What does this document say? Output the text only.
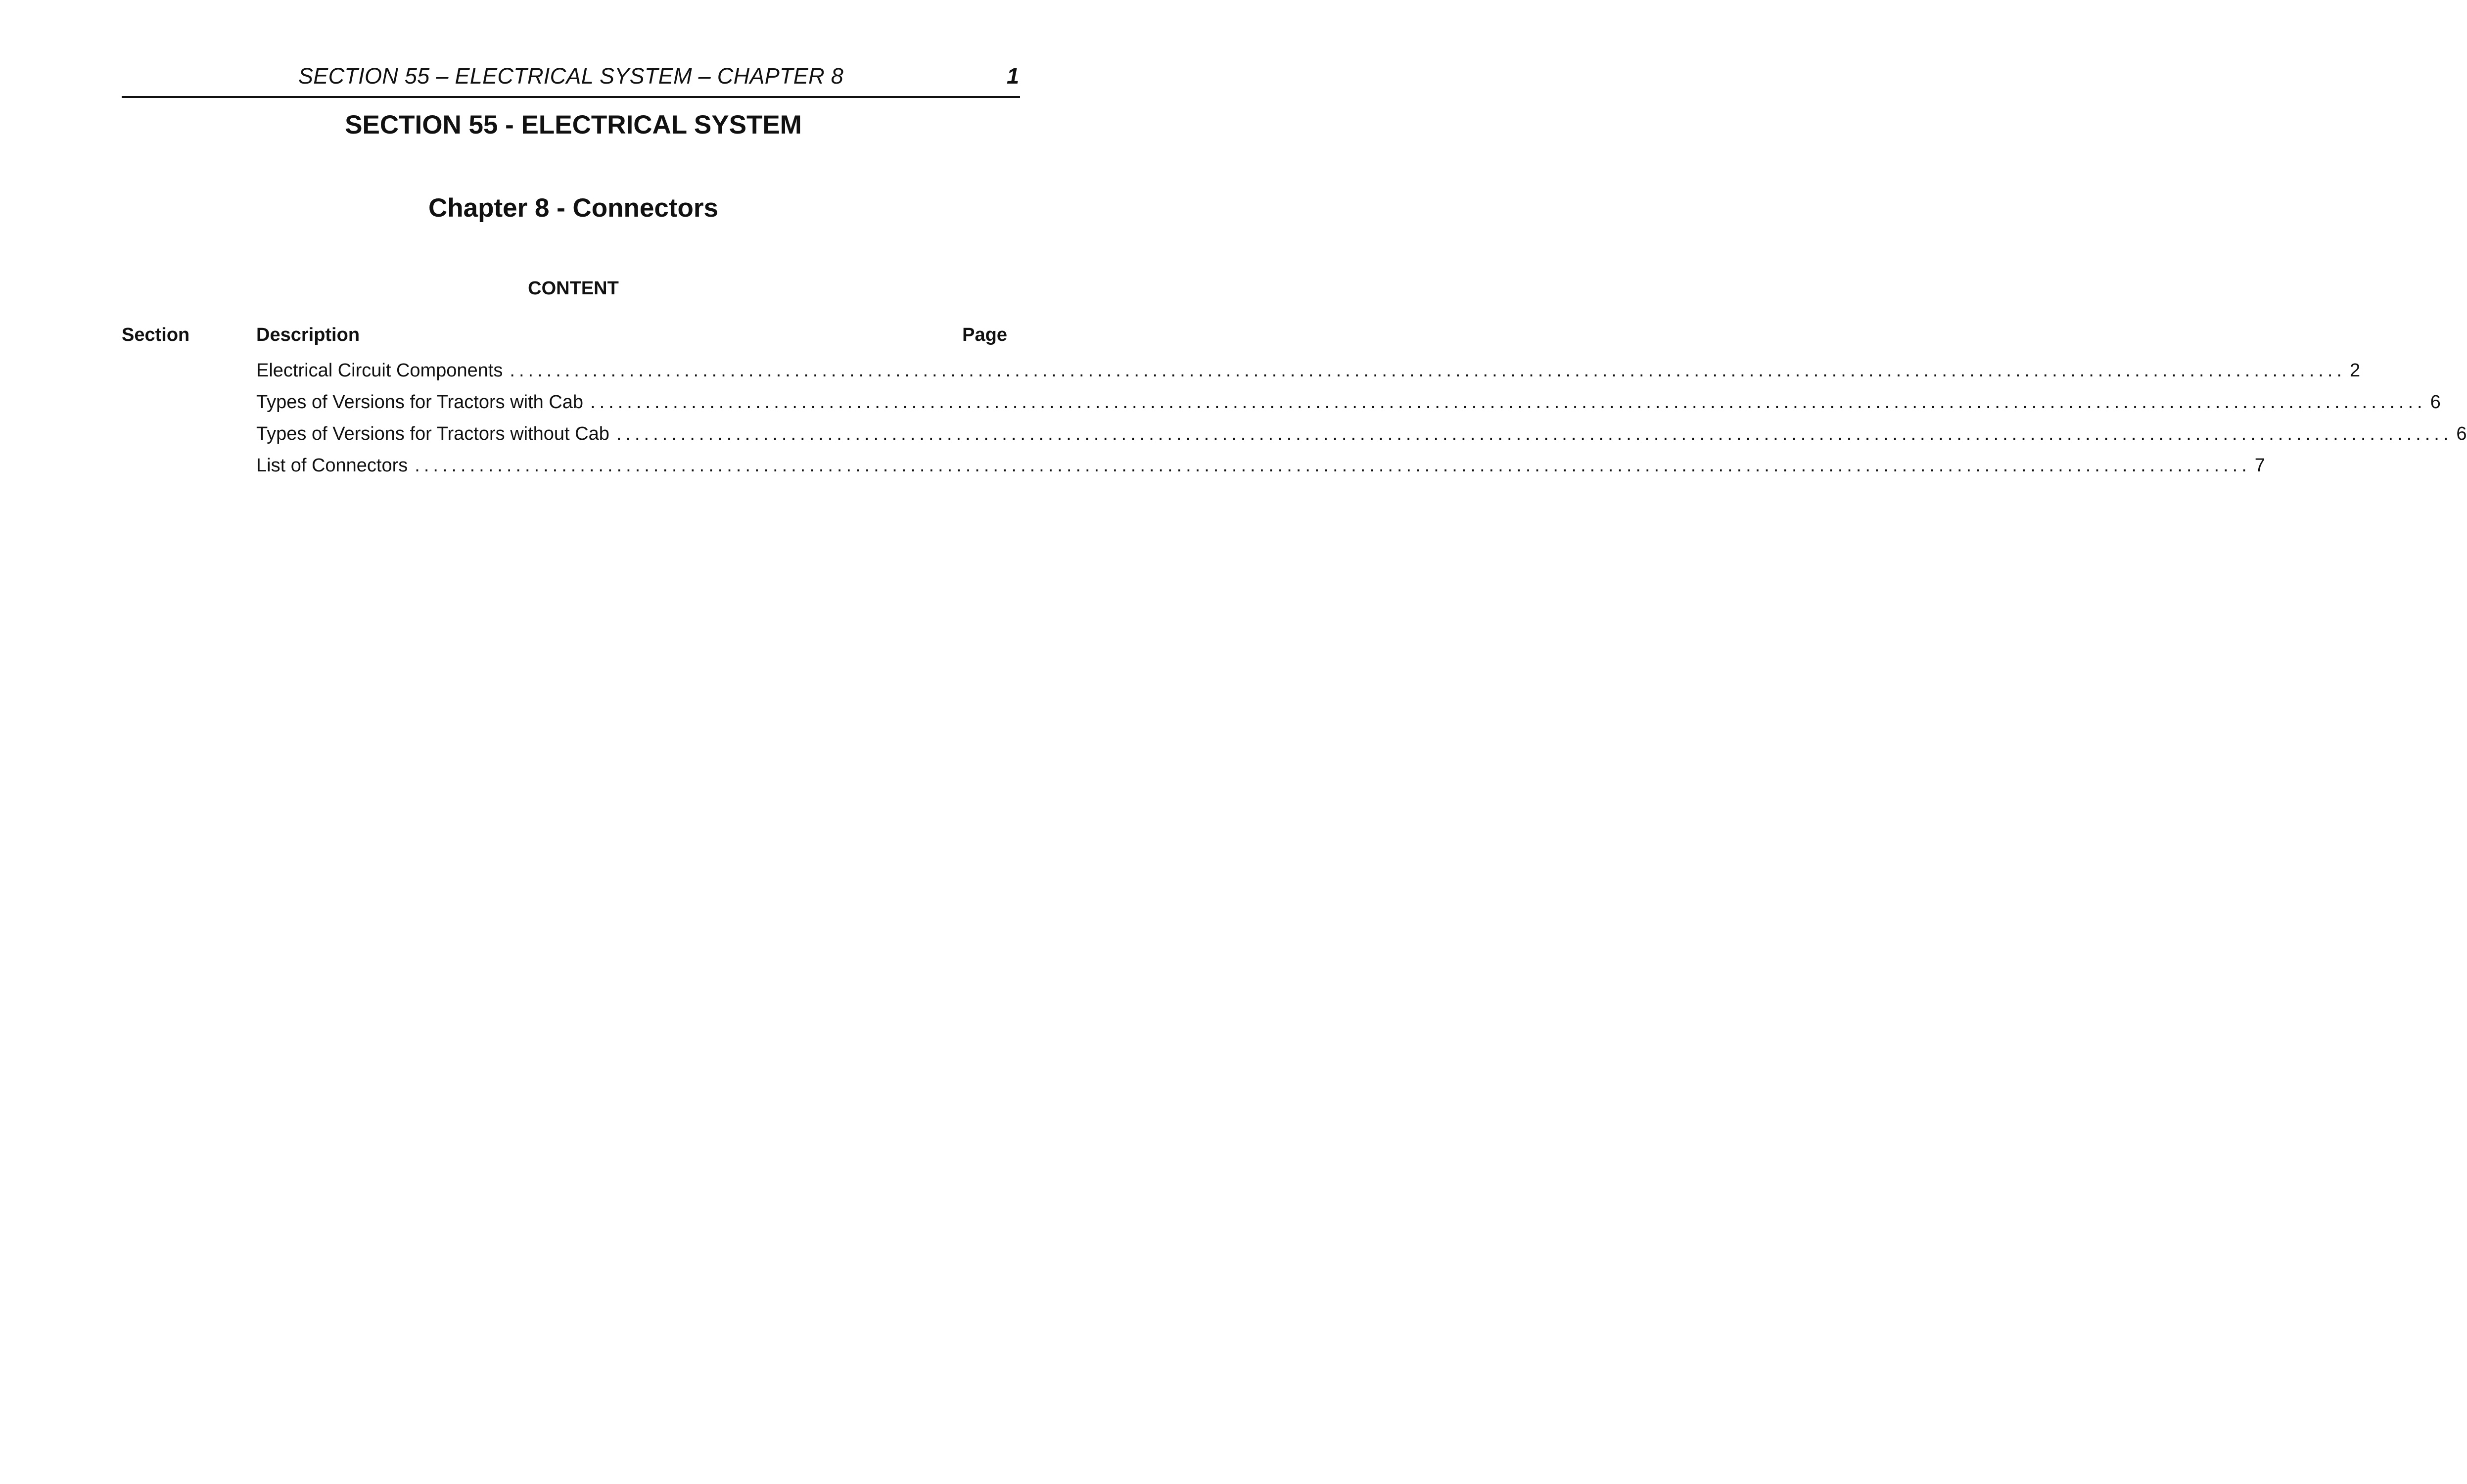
SECTION 55 – ELECTRICAL SYSTEM – CHAPTER 8	1
SECTION 55 - ELECTRICAL SYSTEM
Chapter 8 - Connectors
CONTENT
Section	Description	Page
Electrical Circuit Components ........................................................................................................................................................................................................ 2
Types of Versions for Tractors with Cab ........................................................................................................................................................................................................ 6
Types of Versions for Tractors without Cab ........................................................................................................................................................................................................ 6
List of Connectors ........................................................................................................................................................................................................ 7
